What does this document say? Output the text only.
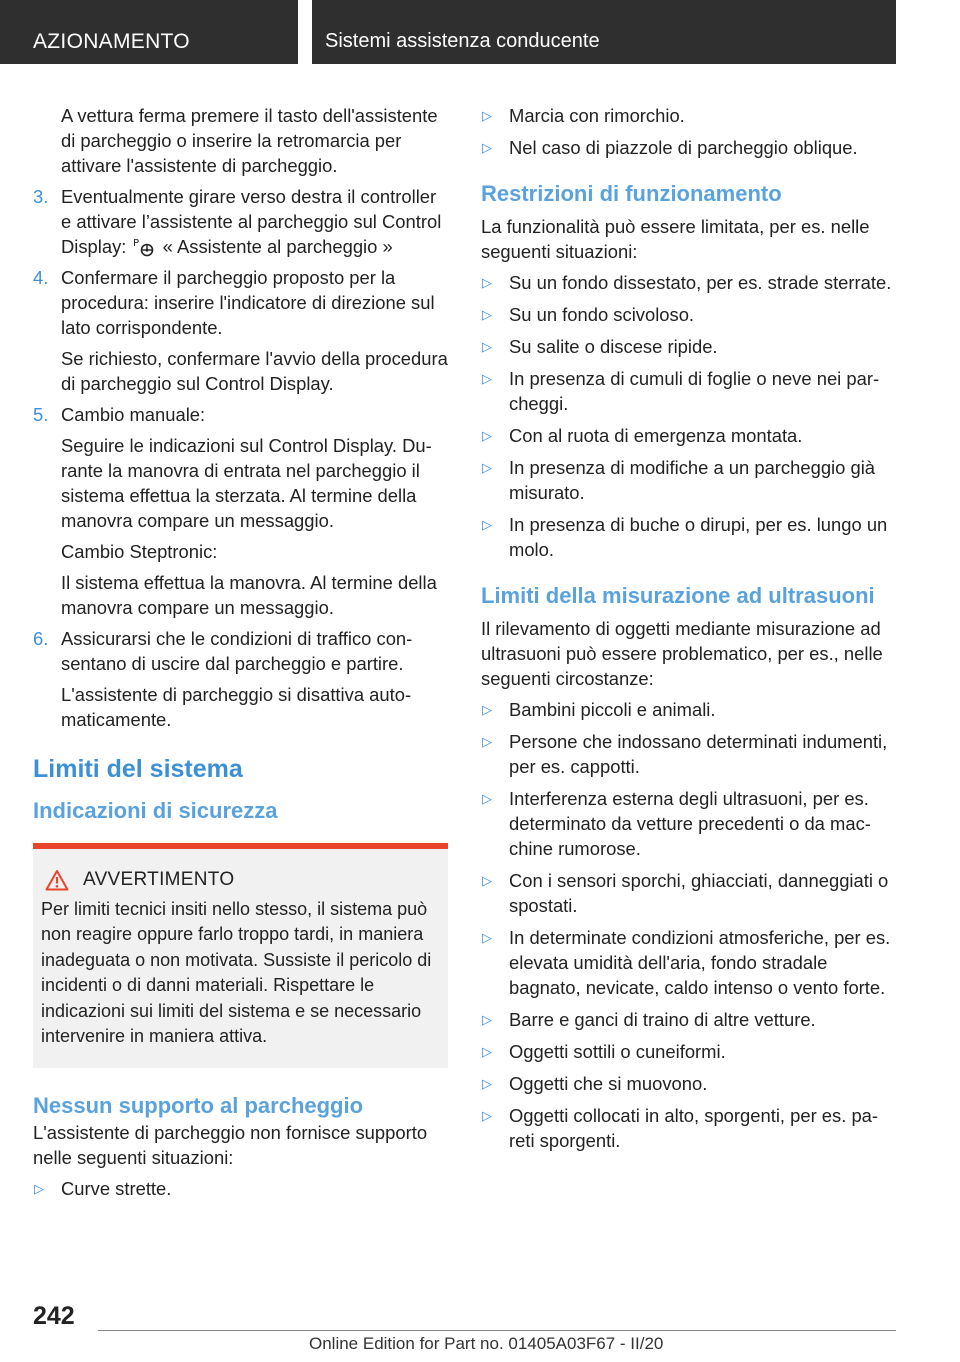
AZIONAMENTO	Sistemi assistenza conducente

A vettura ferma premere il tasto dell'assistente di parcheggio o inserire la retromarcia per attivare l'assistente di parcheggio.

3. Eventualmente girare verso destra il controller e attivare l’assistente al parcheggio sul Control Display: P « Assistente al parcheggio »
4. Confermare il parcheggio proposto per la procedura: inserire l'indicatore di direzione sul lato corrispondente.
Se richiesto, confermare l'avvio della procedura di parcheggio sul Control Display.
5. Cambio manuale:
Seguire le indicazioni sul Control Display. Durante la manovra di entrata nel parcheggio il sistema effettua la sterzata. Al termine della manovra compare un messaggio.
Cambio Steptronic:
Il sistema effettua la manovra. Al termine della manovra compare un messaggio.
6. Assicurarsi che le condizioni di traffico consentano di uscire dal parcheggio e partire.
L'assistente di parcheggio si disattiva automaticamente.
Limiti del sistema
Indicazioni di sicurezza
AVVERTIMENTO
Per limiti tecnici insiti nello stesso, il sistema può non reagire oppure farlo troppo tardi, in maniera inadeguata o non motivata. Sussiste il pericolo di incidenti o di danni materiali. Rispettare le indicazioni sui limiti del sistema e se necessario intervenire in maniera attiva.
Nessun supporto al parcheggio

L'assistente di parcheggio non fornisce supporto nelle seguenti situazioni:

▷ Curve strette.
▷ Marcia con rimorchio.
▷ Nel caso di piazzole di parcheggio oblique.
Restrizioni di funzionamento

La funzionalità può essere limitata, per es. nelle seguenti situazioni:

▷ Su un fondo dissestato, per es. strade sterrate.
▷ Su un fondo scivoloso.
▷ Su salite o discese ripide.
▷ In presenza di cumuli di foglie o neve nei parcheggi.
▷ Con al ruota di emergenza montata.
▷ In presenza di modifiche a un parcheggio già misurato.
▷ In presenza di buche o dirupi, per es. lungo un molo.
Limiti della misurazione ad ultrasuoni

Il rilevamento di oggetti mediante misurazione ad ultrasuoni può essere problematico, per es., nelle seguenti circostanze:

▷ Bambini piccoli e animali.
▷ Persone che indossano determinati indumenti, per es. cappotti.
▷ Interferenza esterna degli ultrasuoni, per es. determinato da vetture precedenti o da macchine rumorose.
▷ Con i sensori sporchi, ghiacciati, danneggiati o spostati.
▷ In determinate condizioni atmosferiche, per es. elevata umidità dell'aria, fondo stradale bagnato, nevicate, caldo intenso o vento forte.
▷ Barre e ganci di traino di altre vetture.
▷ Oggetti sottili o cuneiformi.
▷ Oggetti che si muovono.
▷ Oggetti collocati in alto, sporgenti, per es. pareti sporgenti.
242
Online Edition for Part no. 01405A03F67 - II/20
